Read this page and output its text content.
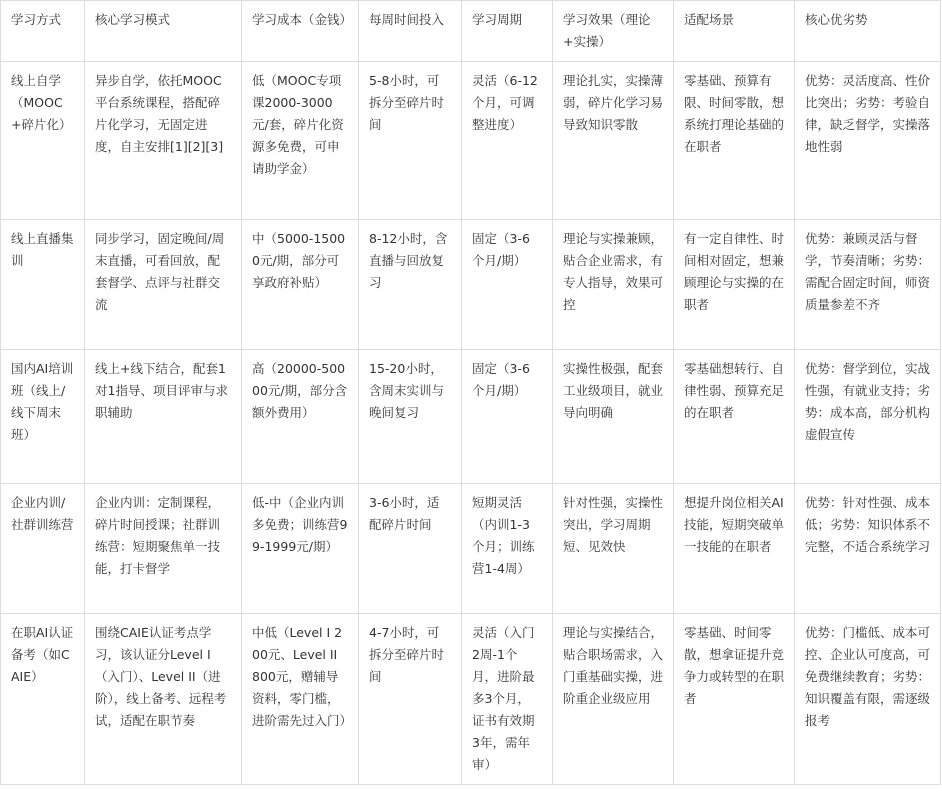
学习方式	核心学习模式	学习成本（金钱）	每周时间投入	学习周期	学习效果（理论+实操）	适配场景	核心优劣势
线上自学（MOOC+碎片化）	异步自学，依托MOOC平台系统课程，搭配碎片化学习，无固定进度，自主安排[1][2][3]	低（MOOC专项课2000-3000元/套，碎片化资源多免费，可申请助学金）	5-8小时，可拆分至碎片时间	灵活（6-12个月，可调整进度）	理论扎实，实操薄弱，碎片化学习易导致知识零散	零基础、预算有限、时间零散，想系统打理论基础的在职者	优势：灵活度高、性价比突出；劣势：考验自律，缺乏督学，实操落地性弱
线上直播集训	同步学习，固定晚间/周末直播，可看回放，配套督学、点评与社群交流	中（5000-15000元/期，部分可享政府补贴）	8-12小时，含直播与回放复习	固定（3-6个月/期）	理论与实操兼顾，贴合企业需求，有专人指导，效果可控	有一定自律性、时间相对固定，想兼顾理论与实操的在职者	优势：兼顾灵活与督学，节奏清晰；劣势：需配合固定时间，师资质量参差不齐
国内AI培训班（线上/线下周末班）	线上+线下结合，配套1对1指导、项目评审与求职辅助	高（20000-50000元/期，部分含额外费用）	15-20小时，含周末实训与晚间复习	固定（3-6个月/期）	实操性极强，配套工业级项目，就业导向明确	零基础想转行、自律性弱、预算充足的在职者	优势：督学到位，实战性强，有就业支持；劣势：成本高，部分机构虚假宣传
企业内训/社群训练营	企业内训：定制课程，碎片时间授课；社群训练营：短期聚焦单一技能，打卡督学	低-中（企业内训多免费；训练营99-1999元/期）	3-6小时，适配碎片时间	短期灵活（内训1-3个月；训练营1-4周）	针对性强，实操性突出，学习周期短、见效快	想提升岗位相关AI技能，短期突破单一技能的在职者	优势：针对性强、成本低；劣势：知识体系不完整，不适合系统学习
在职AI认证备考（如CAIE）	围绕CAIE认证考点学习，该认证分Level I（入门）、Level II（进阶），线上备考、远程考试，适配在职节奏	中低（Level I 200元、Level II 800元，赠辅导资料，零门槛，进阶需先过入门）	4-7小时，可拆分至碎片时间	灵活（入门2周-1个月，进阶最多3个月，证书有效期3年，需年审）	理论与实操结合，贴合职场需求，入门重基础实操，进阶重企业级应用	零基础、时间零散，想拿证提升竞争力或转型的在职者	优势：门槛低、成本可控、企业认可度高，可免费继续教育；劣势：知识覆盖有限，需逐级报考
